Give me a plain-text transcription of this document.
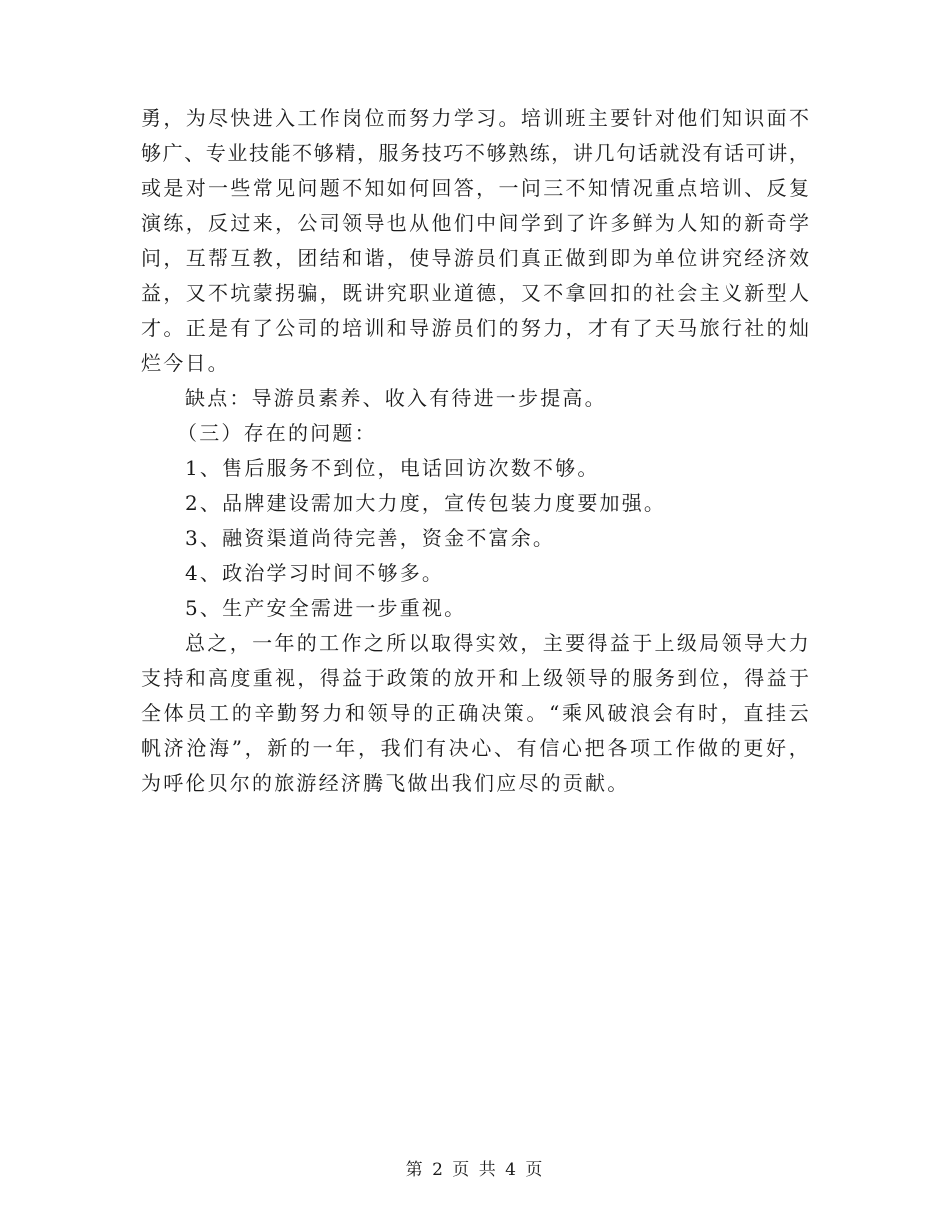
勇 ， 为 尽 快 进 入 工 作 岗 位 而 努 力 学 习 。 培 训 班 主 要 针 对 他 们 知 识 面 不
够 广 、 专 业 技 能 不 够 精 ， 服 务 技 巧 不 够 熟 练 ， 讲 几 句 话 就 没 有 话 可 讲 ，
或 是 对 一 些 常 见 问 题 不 知 如 何 回 答 ， 一 问 三 不 知 情 况 重 点 培 训 、 反 复
演 练 ， 反 过 来 ， 公 司 领 导 也 从 他 们 中 间 学 到 了 许 多 鲜 为 人 知 的 新 奇 学
问 ， 互 帮 互 教 ， 团 结 和 谐 ， 使 导 游 员 们 真 正 做 到 即 为 单 位 讲 究 经 济 效
益 ， 又 不 坑 蒙 拐 骗 ， 既 讲 究 职 业 道 德 ， 又 不 拿 回 扣 的 社 会 主 义 新 型 人
才 。 正 是 有 了 公 司 的 培 训 和 导 游 员 们 的 努 力 ， 才 有 了 天 马 旅 行 社 的 灿
烂今日。
缺点：导游员素养、收入有待进一步提高。
（三）存在的问题：
1、售后服务不到位，电话回访次数不够。
2、品牌建设需加大力度，宣传包装力度要加强。
3、融资渠道尚待完善，资金不富余。
4、政治学习时间不够多。
5、生产安全需进一步重视。
总 之 ， 一 年 的 工 作 之 所 以 取 得 实 效 ， 主 要 得 益 于 上 级 局 领 导 大 力
支 持 和 高 度 重 视 ， 得 益 于 政 策 的 放 开 和 上 级 领 导 的 服 务 到 位 ， 得 益 于
全 体 员 工 的 辛 勤 努 力 和 领 导 的 正 确 决 策 。 “ 乘 风 破 浪 会 有 时 ， 直 挂 云
帆 济 沧 海 ” ， 新 的 一 年 ， 我 们 有 决 心 、 有 信 心 把 各 项 工 作 做 的 更 好 ，
为呼伦贝尔的旅游经济腾飞做出我们应尽的贡献。
第 2 页 共 4 页
